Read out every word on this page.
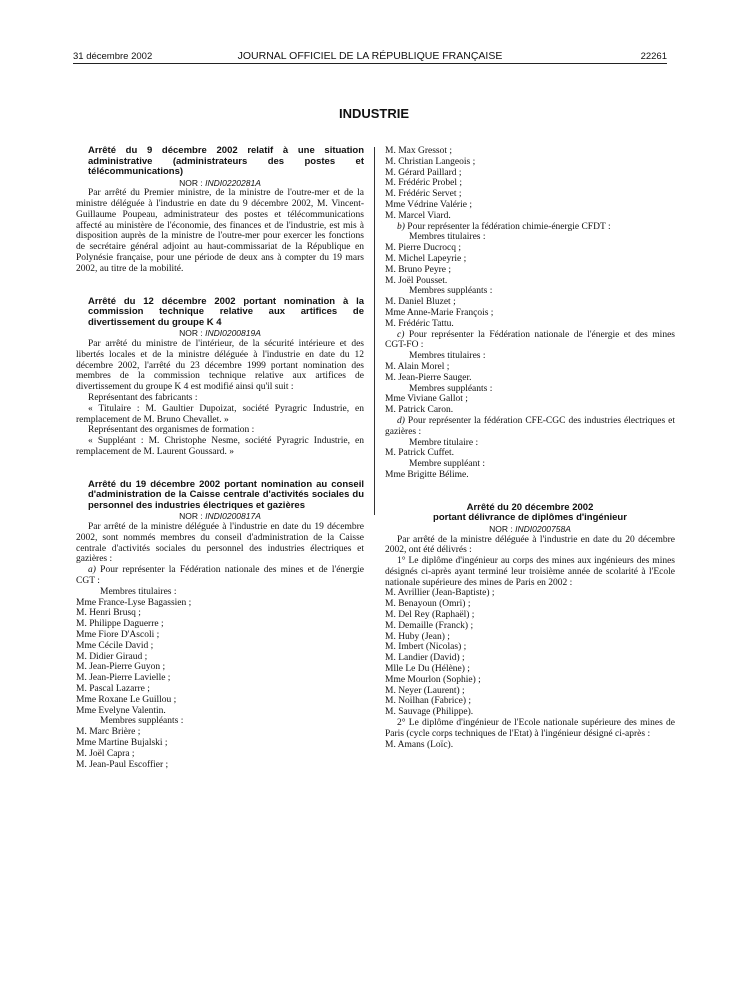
31 décembre 2002	JOURNAL OFFICIEL DE LA RÉPUBLIQUE FRANÇAISE	22261
INDUSTRIE

Arrêté du 9 décembre 2002 relatif à une situation administrative (administrateurs des postes et télécommunications)

NOR : INDI0220281A

Par arrêté du Premier ministre, de la ministre de l'outre-mer et de la ministre déléguée à l'industrie en date du 9 décembre 2002, M. Vincent-Guillaume Poupeau, administrateur des postes et télécommunications affecté au ministère de l'économie, des finances et de l'industrie, est mis à disposition auprès de la ministre de l'outre-mer pour exercer les fonctions de secrétaire général adjoint au haut-commissariat de la République en Polynésie française, pour une période de deux ans à compter du 19 mars 2002, au titre de la mobilité.

Arrêté du 12 décembre 2002 portant nomination à la commission technique relative aux artifices de divertissement du groupe K 4

NOR : INDI0200819A

Par arrêté du ministre de l'intérieur, de la sécurité intérieure et des libertés locales et de la ministre déléguée à l'industrie en date du 12 décembre 2002, l'arrêté du 23 décembre 1999 portant nomination des membres de la commission technique relative aux artifices de divertissement du groupe K 4 est modifié ainsi qu'il suit :

Représentant des fabricants :

« Titulaire : M. Gaultier Dupoizat, société Pyragric Industrie, en remplacement de M. Bruno Chevallet. »

Représentant des organismes de formation :

« Suppléant : M. Christophe Nesme, société Pyragric Industrie, en remplacement de M. Laurent Goussard. »

Arrêté du 19 décembre 2002 portant nomination au conseil d'administration de la Caisse centrale d'activités sociales du personnel des industries électriques et gazières

NOR : INDI0200817A

Par arrêté de la ministre déléguée à l'industrie en date du 19 décembre 2002, sont nommés membres du conseil d'administration de la Caisse centrale d'activités sociales du personnel des industries électriques et gazières :

a) Pour représenter la Fédération nationale des mines et de l'énergie CGT :

Membres titulaires :

Mme France-Lyse Bagassien ;

M. Henri Brusq ;

M. Philippe Daguerre ;

Mme Fiore D'Ascoli ;

Mme Cécile David ;

M. Didier Giraud ;

M. Jean-Pierre Guyon ;

M. Jean-Pierre Lavielle ;

M. Pascal Lazarre ;

Mme Roxane Le Guillou ;

Mme Evelyne Valentin.

Membres suppléants :

M. Marc Brière ;

Mme Martine Bujalski ;

M. Joël Capra ;

M. Jean-Paul Escoffier ;

M. Max Gressot ;

M. Christian Langeois ;

M. Gérard Paillard ;

M. Frédéric Probel ;

M. Frédéric Servet ;

Mme Védrine Valérie ;

M. Marcel Viard.

b) Pour représenter la fédération chimie-énergie CFDT :

Membres titulaires :

M. Pierre Ducrocq ;

M. Michel Lapeyrie ;

M. Bruno Peyre ;

M. Joël Pousset.

Membres suppléants :

M. Daniel Bluzet ;

Mme Anne-Marie François ;

M. Frédéric Tattu.

c) Pour représenter la Fédération nationale de l'énergie et des mines CGT-FO :

Membres titulaires :

M. Alain Morel ;

M. Jean-Pierre Sauger.

Membres suppléants :

Mme Viviane Gallot ;

M. Patrick Caron.

d) Pour représenter la fédération CFE-CGC des industries électriques et gazières :

Membre titulaire :

M. Patrick Cuffet.

Membre suppléant :

Mme Brigitte Bélime.

Arrêté du 20 décembre 2002

portant délivrance de diplômes d'ingénieur

NOR : INDI0200758A

Par arrêté de la ministre déléguée à l'industrie en date du 20 décembre 2002, ont été délivrés :

1° Le diplôme d'ingénieur au corps des mines aux ingénieurs des mines désignés ci-après ayant terminé leur troisième année de scolarité à l'Ecole nationale supérieure des mines de Paris en 2002 :

M. Avrillier (Jean-Baptiste) ;

M. Benayoun (Omri) ;

M. Del Rey (Raphaël) ;

M. Demaille (Franck) ;

M. Huby (Jean) ;

M. Imbert (Nicolas) ;

M. Landier (David) ;

Mlle Le Du (Hélène) ;

Mme Mourlon (Sophie) ;

M. Neyer (Laurent) ;

M. Noilhan (Fabrice) ;

M. Sauvage (Philippe).

2° Le diplôme d'ingénieur de l'Ecole nationale supérieure des mines de Paris (cycle corps techniques de l'Etat) à l'ingénieur désigné ci-après :

M. Amans (Loïc).
